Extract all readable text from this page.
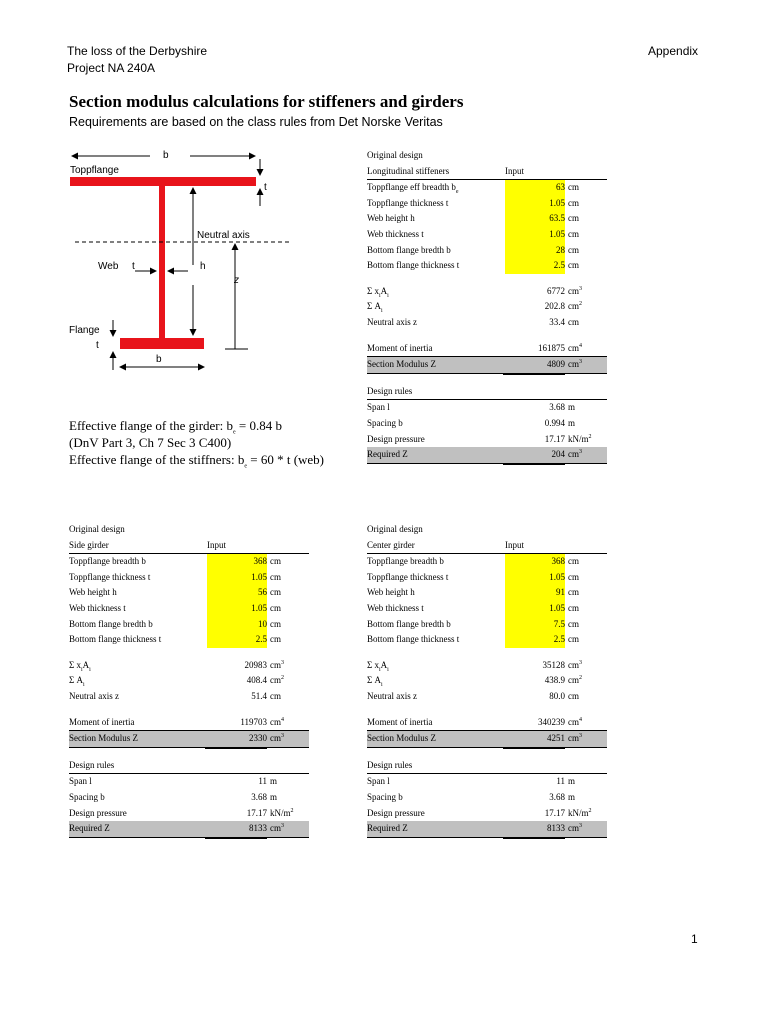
The loss of the Derbyshire
Project NA 240A
Appendix
Section modulus calculations for stiffeners and girders
Requirements are based on the class rules from Det Norske Veritas
b
Toppflange
t
Neutral axis
Web t	h
z
Flange
t
b
Effective flange of the girder: $b_e = 0.84$ b
(DnV Part 3, Ch 7 Sec 3 C400)
Effective flange of the stiffners: $b_e = 60 * t$ (web)
Original design
Longitudinal stiffeners	Input
Toppflange eff breadth $b_e$	63 cm
Toppflange thickness t	1.05 cm
Web height h	63.5 cm
Web thickness t	1.05 cm
Bottom flange bredth b	28 cm
Bottom flange thickness t	2.5 cm
Σ $x_iA_i$	6772 $cm^3$
Σ $A_i$	202.8 $cm^2$
Neutral axis z	33.4 cm
Moment of inertia	161875 $cm^4$
Section Modulus Z	4809 $cm^3$
Design rules
Span l	3.68 m
Spacing b	0.994 m
Design pressure	17.17 $kN/m^2$
Required Z	204 $cm^3$
Original design
Side girder	Input
Toppflange breadth b	368 cm
Toppflange thickness t	1.05 cm
Web height h	56 cm
Web thickness t	1.05 cm
Bottom flange bredth b	10 cm
Bottom flange thickness t	2.5 cm
Σ $x_iA_i$	20983 $cm^3$
Σ $A_i$	408.4 $cm^2$
Neutral axis z	51.4 cm
Moment of inertia	119703 $cm^4$
Section Modulus Z	2330 $cm^3$
Design rules
Span l	11 m
Spacing b	3.68 m
Design pressure	17.17 $kN/m^2$
Required Z	8133 $cm^3$
Original design
Center girder	Input
Toppflange breadth b	368 cm
Toppflange thickness t	1.05 cm
Web height h	91 cm
Web thickness t	1.05 cm
Bottom flange bredth b	7.5 cm
Bottom flange thickness t	2.5 cm
Σ $x_iA_i$	35128 $cm^3$
Σ $A_i$	438.9 $cm^2$
Neutral axis z	80.0 cm
Moment of inertia	340239 $cm^4$
Section Modulus Z	4251 $cm^3$
Design rules
Span l	11 m
Spacing b	3.68 m
Design pressure	17.17 $kN/m^2$
Required Z	8133 $cm^3$
1
